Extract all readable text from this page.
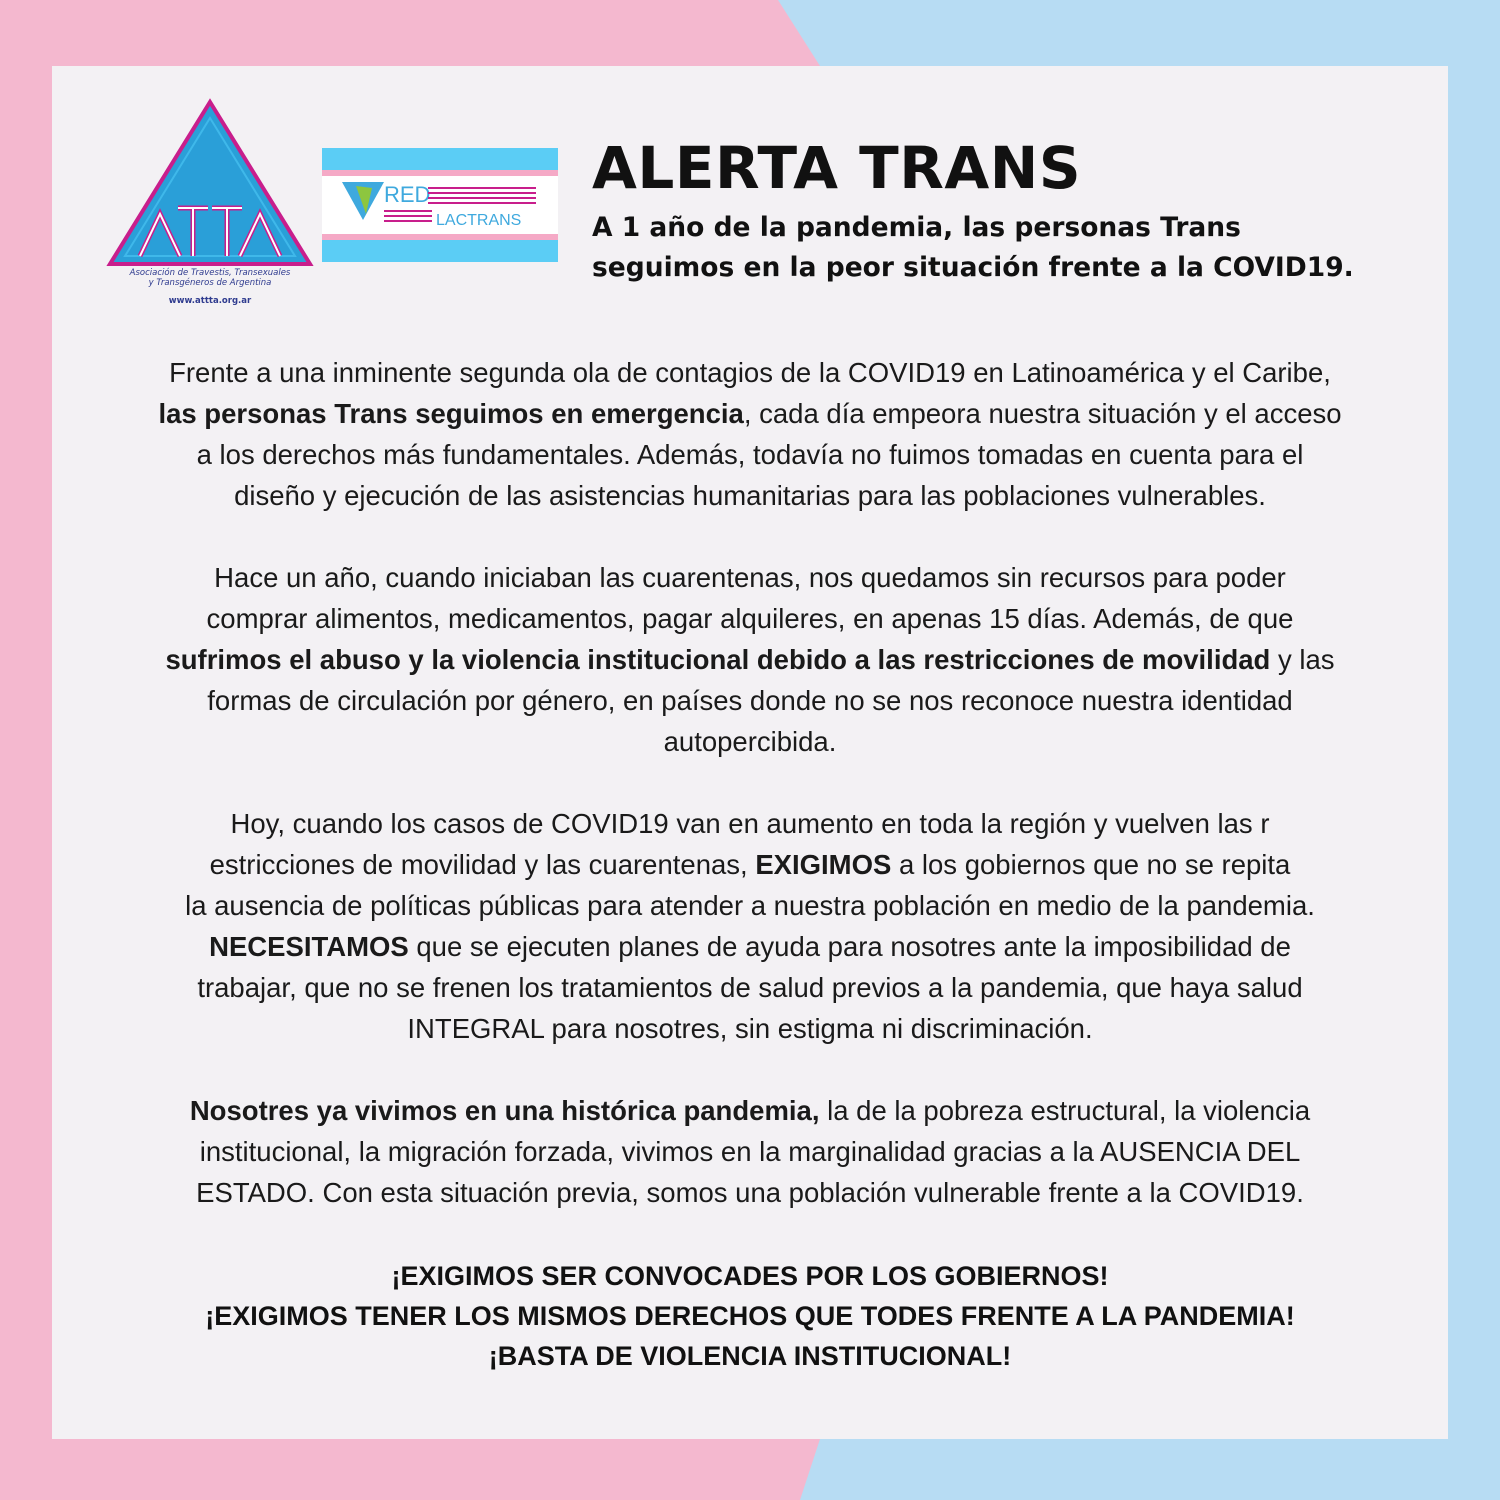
Asociación de Travestis, Transexuales
y Transgéneros de Argentina
www.attta.org.ar
RED
LACTRANS
ALERTA TRANS

A 1 año de la pandemia, las personas Trans
seguimos en la peor situación frente a la COVID19.

Frente a una inminente segunda ola de contagios de la COVID19 en Latinoamérica y el Caribe,
las personas Trans seguimos en emergencia, cada día empeora nuestra situación y el acceso
a los derechos más fundamentales. Además, todavía no fuimos tomadas en cuenta para el
diseño y ejecución de las asistencias humanitarias para las poblaciones vulnerables.

Hace un año, cuando iniciaban las cuarentenas, nos quedamos sin recursos para poder
comprar alimentos, medicamentos, pagar alquileres, en apenas 15 días. Además, de que
sufrimos el abuso y la violencia institucional debido a las restricciones de movilidad y las
formas de circulación por género, en países donde no se nos reconoce nuestra identidad
autopercibida.

Hoy, cuando los casos de COVID19 van en aumento en toda la región y vuelven las r
estricciones de movilidad y las cuarentenas, EXIGIMOS a los gobiernos que no se repita
la ausencia de políticas públicas para atender a nuestra población en medio de la pandemia.
NECESITAMOS que se ejecuten planes de ayuda para nosotres ante la imposibilidad de
trabajar, que no se frenen los tratamientos de salud previos a la pandemia, que haya salud
INTEGRAL para nosotres, sin estigma ni discriminación.

Nosotres ya vivimos en una histórica pandemia, la de la pobreza estructural, la violencia
institucional, la migración forzada, vivimos en la marginalidad gracias a la AUSENCIA DEL
ESTADO. Con esta situación previa, somos una población vulnerable frente a la COVID19.

¡EXIGIMOS SER CONVOCADES POR LOS GOBIERNOS!
¡EXIGIMOS TENER LOS MISMOS DERECHOS QUE TODES FRENTE A LA PANDEMIA!
¡BASTA DE VIOLENCIA INSTITUCIONAL!
